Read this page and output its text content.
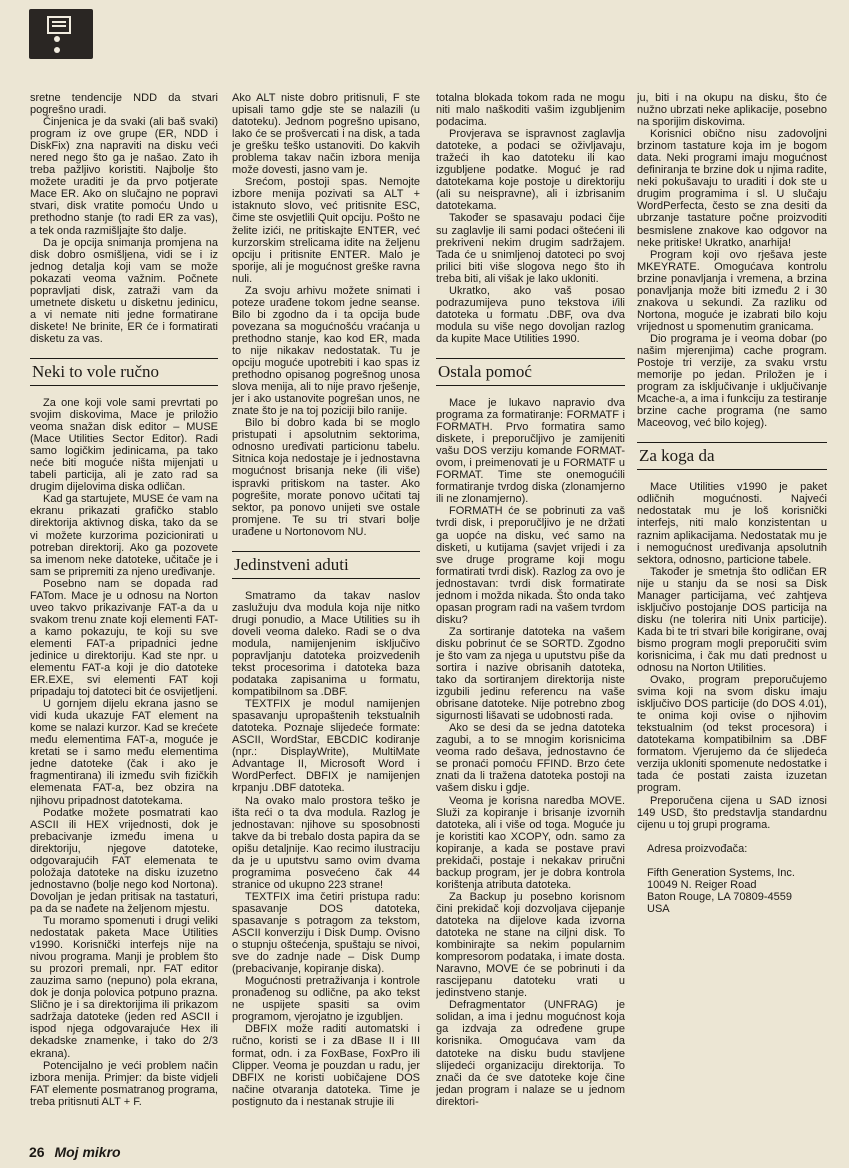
sretne tendencije NDD da stvari pogrešno uradi.

Činjenica je da svaki (ali baš svaki) program iz ove grupe (ER, NDD i DiskFix) zna napraviti na disku veći nered nego što ga je našao. Zato ih treba pažljivo koristiti. Najbolje što možete uraditi je da prvo potjerate Mace ER. Ako on slučajno ne popravi stvari, disk vratite pomoću Undo u prethodno stanje (to radi ER za vas), a tek onda razmišljajte što dalje.

Da je opcija snimanja promjena na disk dobro osmišljena, vidi se i iz jednog detalja koji vam se može pokazati veoma važnim. Počnete popravljati disk, zatraži vam da umetnete disketu u disketnu jedinicu, a vi nemate niti jedne formatirane diskete! Ne brinite, ER će i formatirati disketu za vas.

Neki to vole ručno

Za one koji vole sami prevrtati po svojim diskovima, Mace je priložio veoma snažan disk editor – MUSE (Mace Utilities Sector Editor). Radi samo logičkim jedinicama, pa tako neće biti moguće ništa mijenjati u tabeli particija, ali je zato rad sa drugim dijelovima diska odličan.

Kad ga startujete, MUSE će vam na ekranu prikazati grafičko stablo direktorija aktivnog diska, tako da se vi možete kurzorima pozicionirati u potreban direktorij. Ako ga pozovete sa imenom neke datoteke, učitače je i sam se pripremiti za njeno uređivanje.

Posebno nam se dopada rad FATom. Mace je u odnosu na Norton uveo takvo prikazivanje FAT-a da u svakom trenu znate koji elementi FAT-a kamo pokazuju, te koji su sve elementi FAT-a pripadnici jedne jedinice u direktoriju. Kad ste npr. u elementu FAT-a koji je dio datoteke ER.EXE, svi elementi FAT koji pripadaju toj datoteci bit će osvijetljeni.

U gornjem dijelu ekrana jasno se vidi kuda ukazuje FAT element na kome se nalazi kurzor. Kad se krećete među elementima FAT-a, moguće je kretati se i samo među elementima jedne datoteke (čak i ako je fragmentirana) ili između svih fizičkih elemenata FAT-a, bez obzira na njihovu pripadnost datotekama.

Podatke možete posmatrati kao ASCII ili HEX vrijednosti, dok je prebacivanje između imena u direktoriju, njegove datoteke, odgovarajućih FAT elemenata te položaja datoteke na disku izuzetno jednostavno (bolje nego kod Nortona). Dovoljan je jedan pritisak na tastaturi, pa da se nađete na željenom mjestu.

Tu moramo spomenuti i drugi veliki nedostatak paketa Mace Utilities v1990. Korisnički interfejs nije na nivou programa. Manji je problem što su prozori premali, npr. FAT editor zauzima samo (nepuno) pola ekrana, dok je donja polovica potpuno prazna. Slično je i sa direktorijima ili prikazom sadržaja datoteke (jeden red ASCII i ispod njega odgovarajuće Hex ili dekadske znamenke, i tako do 2/3 ekrana).

Potencijalno je veći problem način izbora menija. Primjer: da biste vidjeli FAT elemente posmatranog programa, treba pritisnuti ALT + F.

Ako ALT niste dobro pritisnuli, F ste upisali tamo gdje ste se nalazili (u datoteku). Jednom pogrešno upisano, lako će se prošvercati i na disk, a tada je grešku teško ustanoviti. Do kakvih problema takav način izbora menija može dovesti, jasno vam je.

Srećom, postoji spas. Nemojte izbore menija pozivati sa ALT + istaknuto slovo, već pritisnite ESC, čime ste osvjetlili Quit opciju. Pošto ne želite izići, ne pritiskajte ENTER, već kurzorskim strelicama idite na željenu opciju i pritisnite ENTER. Malo je sporije, ali je mogućnost greške ravna nuli.

Za svoju arhivu možete snimati i poteze urađene tokom jedne seanse. Bilo bi zgodno da i ta opcija bude povezana sa mogućnošću vraćanja u prethodno stanje, kao kod ER, mada to nije nikakav nedostatak. Tu je opciju moguće upotrebiti i kao spas iz prethodno opisanog pogrešnog unosa slova menija, ali to nije pravo rješenje, jer i ako ustanovite pogrešan unos, ne znate što je na toj poziciji bilo ranije.

Bilo bi dobro kada bi se moglo pristupati i apsolutnim sektorima, odnosno uređivati particionu tabelu. Sitnica koja nedostaje je i jednostavna mogućnost brisanja neke (ili više) ispravki pritiskom na taster. Ako pogrešite, morate ponovo učitati taj sektor, pa ponovo unijeti sve ostale promjene. Te su tri stvari bolje urađene u Nortonovom NU.

Jedinstveni aduti

Smatramo da takav naslov zaslužuju dva modula koja nije nitko drugi ponudio, a Mace Utilities su ih doveli veoma daleko. Radi se o dva modula, namijenjenim isključivo popravljanju datoteka proizvedenih tekst procesorima i datoteka baza podataka zapisanima u formatu, kompatibilnom sa .DBF.

TEXTFIX je modul namijenjen spasavanju upropaštenih tekstualnih datoteka. Poznaje slijedeće formate: ASCII, WordStar, EBCDIC kodiranje (npr.: DisplayWrite), MultiMate Advantage II, Microsoft Word i WordPerfect. DBFIX je namijenjen krpanju .DBF datoteka.

Na ovako malo prostora teško je išta reći o ta dva modula. Razlog je jednostavan: njihove su sposobnosti takve da bi trebalo dosta papira da se opišu detaljnije. Kao recimo ilustraciju da je u uputstvu samo ovim dvama programima posvećeno čak 44 stranice od ukupno 223 strane!

TEXTFIX ima četiri pristupa radu: spasavanje DOS datoteka, spasavanje s potragom za tekstom, ASCII konverziju i Disk Dump. Ovisno o stupnju oštećenja, spuštaju se nivoi, sve do zadnje nade – Disk Dump (prebacivanje, kopiranje diska).

Mogućnosti pretraživanja i kontrole pronađenog su odlične, pa ako tekst ne uspijete spasiti sa ovim programom, vjerojatno je izgubljen.

DBFIX može raditi automatski i ručno, koristi se i za dBase II i III format, odn. i za FoxBase, FoxPro ili Clipper. Veoma je pouzdan u radu, jer DBFIX ne koristi uobičajene DOS načine otvaranja datoteka. Time je postignuto da i nestanak strujie ili

totalna blokada tokom rada ne mogu niti malo naškoditi vašim izgubljenim podacima.

Provjerava se ispravnost zaglavlja datoteke, a podaci se oživljavaju, tražeći ih kao datoteku ili kao izgubljene podatke. Moguć je rad datotekama koje postoje u direktoriju (ali su neispravne), ali i izbrisanim datotekama.

Također se spasavaju podaci čije su zaglavlje ili sami podaci oštećeni ili prekriveni nekim drugim sadržajem. Tada će u snimljenoj datoteci po svoj prilici biti više slogova nego što ih treba biti, ali višak je lako ukloniti.

Ukratko, ako vaš posao podrazumijeva puno tekstova i/ili datoteka u formatu .DBF, ova dva modula su više nego dovoljan razlog da kupite Mace Utilities 1990.

Ostala pomoć

Mace je lukavo napravio dva programa za formatiranje: FORMATF i FORMATH. Prvo formatira samo diskete, i preporučljivo je zamijeniti vašu DOS verziju komande FORMAT-ovom, i preimenovati je u FORMATF u FORMAT. Time ste onemogućili formatiranje tvrdog diska (zlonamjerno ili ne zlonamjerno).

FORMATH će se pobrinuti za vaš tvrdi disk, i preporučljivo je ne držati ga uopće na disku, već samo na disketi, u kutijama (savjet vrijedi i za sve druge programe koji mogu formatirati tvrdi disk). Razlog za ovo je jednostavan: tvrdi disk formatirate jednom i možda nikada. Što onda tako opasan program radi na vašem tvrdom disku?

Za sortiranje datoteka na vašem disku pobrinut će se SORTD. Zgodno je što vam za njega u uputstvu piše da sortira i nazive obrisanih datoteka, tako da sortiranjem direktorija niste izgubili jedinu referencu na vaše obrisane datoteke. Nije potrebno zbog sigurnosti lišavati se udobnosti rada.

Ako se desi da se jedna datoteka zagubi, a to se mnogim korisnicima veoma rado dešava, jednostavno će se pronaći pomoću FFIND. Brzo ćete znati da li tražena datoteka postoji na vašem disku i gdje.

Veoma je korisna naredba MOVE. Služi za kopiranje i brisanje izvornih datoteka, ali i više od toga. Moguće ju je koristiti kao XCOPY, odn. samo za kopiranje, a kada se postave pravi prekidači, postaje i nekakav priručni backup program, jer je dobra kontrola korištenja atributa datoteka.

Za Backup ju posebno korisnom čini prekidač koji dozvoljava cijepanje datoteka na dijelove kada izvorna datoteka ne stane na ciljni disk. To kombinirajte sa nekim popularnim kompresorom podataka, i imate dosta. Naravno, MOVE će se pobrinuti i da rascijepanu datoteku vrati u jedinstveno stanje.

Defragmentator (UNFRAG) je solidan, a ima i jednu mogućnost koja ga izdvaja za određene grupe korisnika. Omogućava vam da datoteke na disku budu stavljene slijedeći organizaciju direktorija. To znači da će sve datoteke koje čine jedan program i nalaze se u jednom direktori-

ju, biti i na okupu na disku, što će nužno ubrzati neke aplikacije, posebno na sporijim diskovima.

Korisnici obično nisu zadovoljni brzinom tastature koja im je bogom data. Neki programi imaju mogućnost definiranja te brzine dok u njima radite, neki pokušavaju to uraditi i dok ste u drugim programima i sl. U slučaju WordPerfecta, često se zna desiti da ubrzanje tastature počne proizvoditi besmislene znakove kao odgovor na neke pritiske! Ukratko, anarhija!

Program koji ovo rješava jeste MKEYRATE. Omogućava kontrolu brzine ponavljanja i vremena, a brzina ponavljanja može biti između 2 i 30 znakova u sekundi. Za razliku od Nortona, moguće je izabrati bilo koju vrijednost u spomenutim granicama.

Dio programa je i veoma dobar (po našim mjerenjima) cache program. Postoje tri verzije, za svaku vrstu memorije po jedan. Priložen je i program za isključivanje i uključivanje Mcache-a, a ima i funkciju za testiranje brzine cache programa (ne samo Maceovog, već bilo kojeg).

Za koga da

Mace Utilities v1990 je paket odličnih mogućnosti. Najveći nedostatak mu je loš korisnički interfejs, niti malo konzistentan u raznim aplikacijama. Nedostatak mu je i nemogućnost uređivanja apsolutnih sektora, odnosno, particione tabele.

Također je smetnja što odličan ER nije u stanju da se nosi sa Disk Manager particijama, već zahtjeva isključivo postojanje DOS particija na disku (ne tolerira niti Unix particije). Kada bi te tri stvari bile korigirane, ovaj bismo program mogli preporučiti svim korisnicima, i čak mu dati prednost u odnosu na Norton Utilities.

Ovako, program preporučujemo svima koji na svom disku imaju isključivo DOS particije (do DOS 4.01), te onima koji ovise o njihovim tekstualnim (od tekst procesora) i datotekama kompatibilnim sa .DBF formatom. Vjerujemo da će slijedeća verzija ukloniti spomenute nedostatke i tada će postati zaista izuzetan program.

Preporučena cijena u SAD iznosi 149 USD, što predstavlja standardnu cijenu u toj grupi programa.

Adresa proizvođača:

Fifth Generation Systems, Inc.

10049 N. Reiger Road

Baton Rouge, LA 70809-4559

USA

26 Moj mikro
